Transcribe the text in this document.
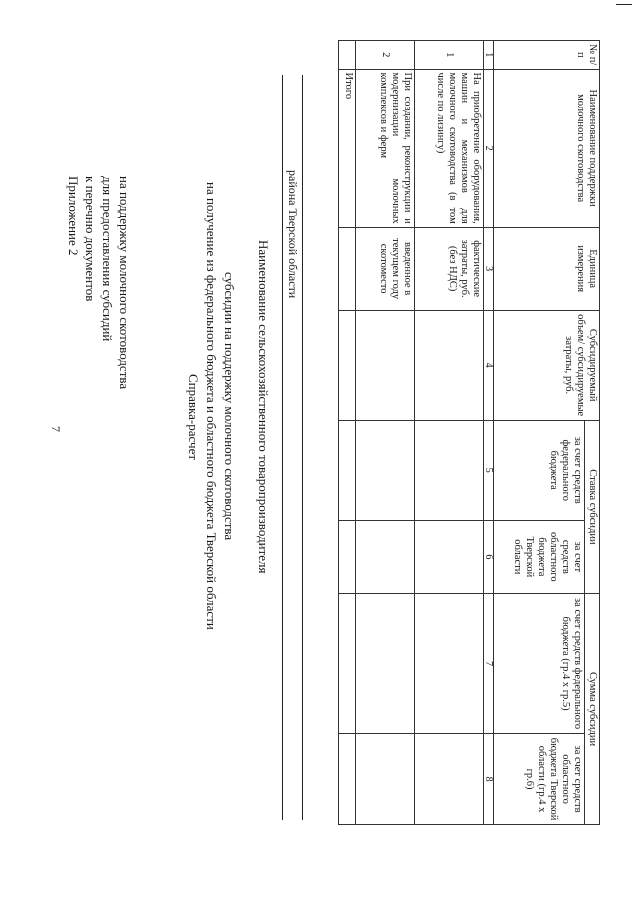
7
Приложение 2 к перечню документов для предоставления субсидий на поддержку молочного скотоводства
Справка-расчет на получение из федерального бюджета и областного бюджета Тверской области субсидии на поддержку молочного скотоводства Наименование сельскохозяйственного товаропроизводителя
района Тверской области
№ п/п	Наименование поддержки молочного скотоводства	Единица измерения	Субсидируемый объем/ субсидируемые затраты, руб.	Ставка субсидии		Сумма субсидии	
				за счет средств федерального бюджета	за счет средств областного бюджета Тверской области	за счет средств федерального бюджета (гр.4 х гр.5)	за счет средств областного бюджета Тверской области (гр.4 х гр.6)
1	2	3	4	5	6	7	8
1	На приобретение оборудования, машин и механизмов для молочного скотоводства (в том числе по лизингу)	фактические затраты, руб. (без НДС)					
2	При создании, реконструкции и модернизации молочных комплексов и ферм	введенное в текущем году скотоместо					
	Итого						
